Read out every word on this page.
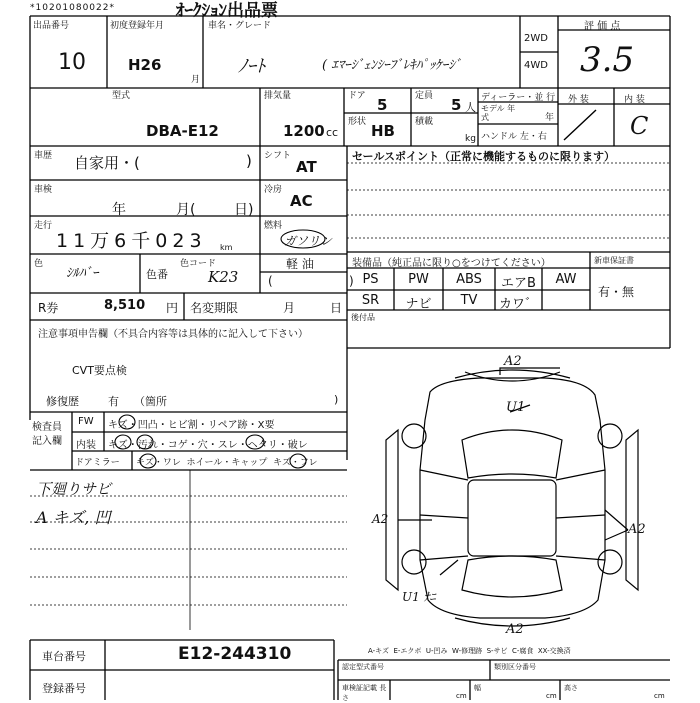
*10201080022*	ｵｰｸｼｮﾝ出品票
出品番号
10
初度登録年月
H26
月
車名・グレード
ﾉｰﾄ	( ｴﾏｰｼﾞｪﾝｼｰﾌﾞﾚｷﾊﾟｯｹｰｼﾞ
2WD
4WD
評 価 点
3.5
型式
DBA-E12
排気量
1200 cc
ドア 5	定員 5 人
形状 HB 積載
kg
ディーラー・並 行
モデル 年式	年
ハンドル 左・右
外 装	内 装
C
車歴 自家用・(	) シフト
AT
セールスポイント（正常に機能するものに限ります）
車検
年	月(	日)
冷房
AC
走行
11万6千023 km
燃料
ガソリン
軽 油
(                    )
色
ｼﾙﾊﾞｰ	色番
色コード
K23
装備品（純正品に限り○をつけてください）	新車保証書
PS	PW	ABS	エアB	AW
SR	ナビ	TV	カワ゛
有・無
後付品
R券	8,510 円 名変期限	月	日
注意事項申告欄（不具合内容等は具体的に記入して下さい）
CVT要点検
修復歴	有 （箇所	)
検査員
記入欄
FW キズ・凹凸・ヒビ割・リペア跡・X要
内装 キズ・汚れ・コゲ・穴・スレ・ヘタリ・破レ
ドアミラー キズ・ワレ  ホイール・キャップ  キズ・フレ
下廻りサビ
A キズ, 凹
A2
U1
A2
A2
U1 ﾅﾆ
A2
A-キズ  E-エクボ  U-凹み  W-修理跡  S-サビ  C-腐食  XX-交換済
車台番号	E12-244310
登録番号
認定型式番号	類別区分番号
車検証記載 長さ
幅	高さ
cm	cm	cm
